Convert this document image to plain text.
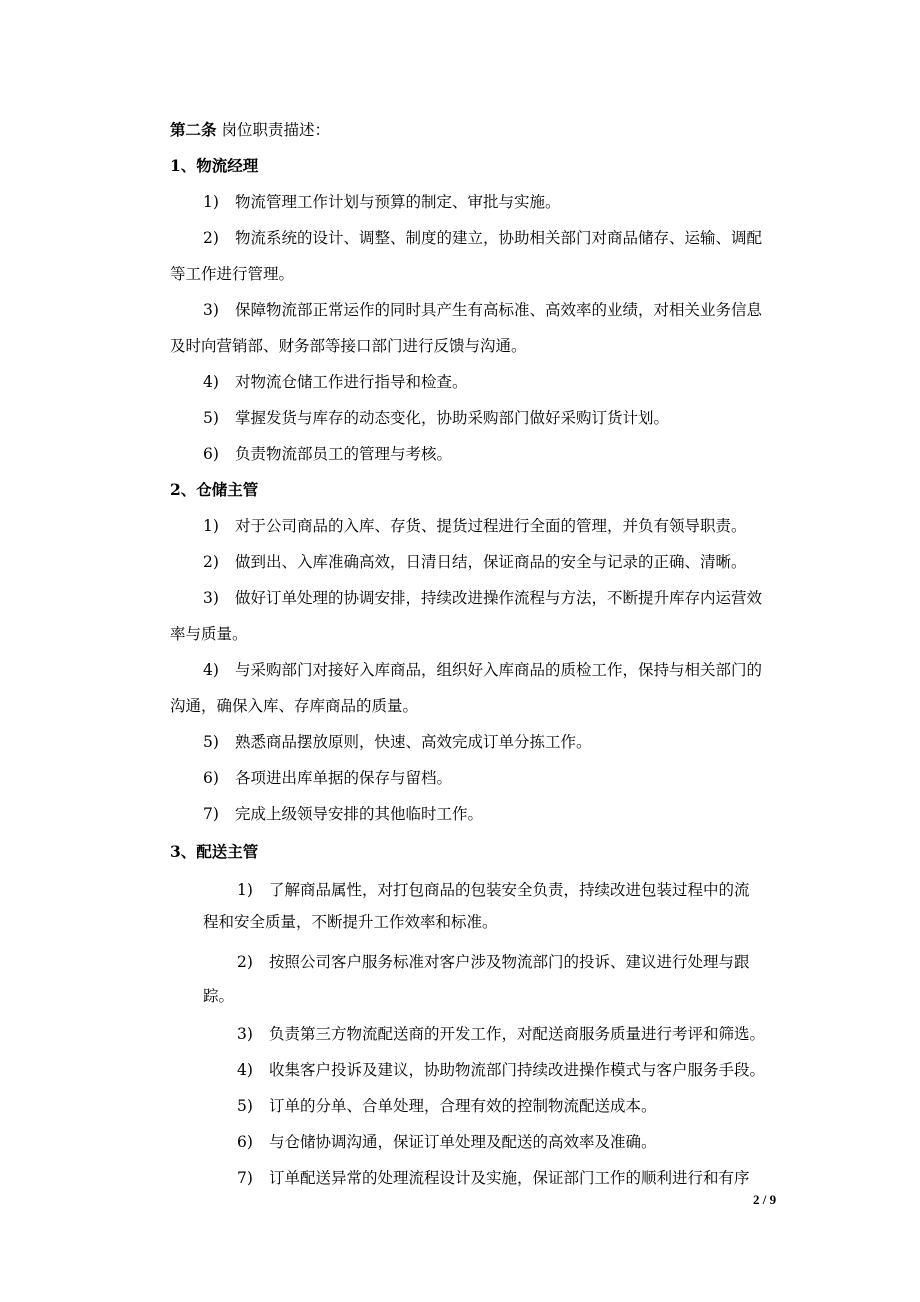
第二条 岗位职责描述：
1、物流经理
1) 物流管理工作计划与预算的制定、审批与实施。
2) 物流系统的设计、调整、制度的建立，协助相关部门对商品储存、运输、调配
等工作进行管理。
3) 保障物流部正常运作的同时具产生有高标准、高效率的业绩，对相关业务信息
及时向营销部、财务部等接口部门进行反馈与沟通。
4) 对物流仓储工作进行指导和检查。
5) 掌握发货与库存的动态变化，协助采购部门做好采购订货计划。
6) 负责物流部员工的管理与考核。
2、仓储主管
1) 对于公司商品的入库、存货、提货过程进行全面的管理，并负有领导职责。
2) 做到出、入库准确高效，日清日结，保证商品的安全与记录的正确、清晰。
3) 做好订单处理的协调安排，持续改进操作流程与方法，不断提升库存内运营效
率与质量。
4) 与采购部门对接好入库商品，组织好入库商品的质检工作，保持与相关部门的
沟通，确保入库、存库商品的质量。
5) 熟悉商品摆放原则，快速、高效完成订单分拣工作。
6) 各项进出库单据的保存与留档。
7) 完成上级领导安排的其他临时工作。
3、配送主管
1) 了解商品属性，对打包商品的包装安全负责，持续改进包装过程中的流
程和安全质量，不断提升工作效率和标准。
2) 按照公司客户服务标准对客户涉及物流部门的投诉、建议进行处理与跟
踪。
3) 负责第三方物流配送商的开发工作，对配送商服务质量进行考评和筛选。
4) 收集客户投诉及建议，协助物流部门持续改进操作模式与客户服务手段。
5) 订单的分单、合单处理，合理有效的控制物流配送成本。
6) 与仓储协调沟通，保证订单处理及配送的高效率及准确。
7) 订单配送异常的处理流程设计及实施，保证部门工作的顺利进行和有序
2 / 9
